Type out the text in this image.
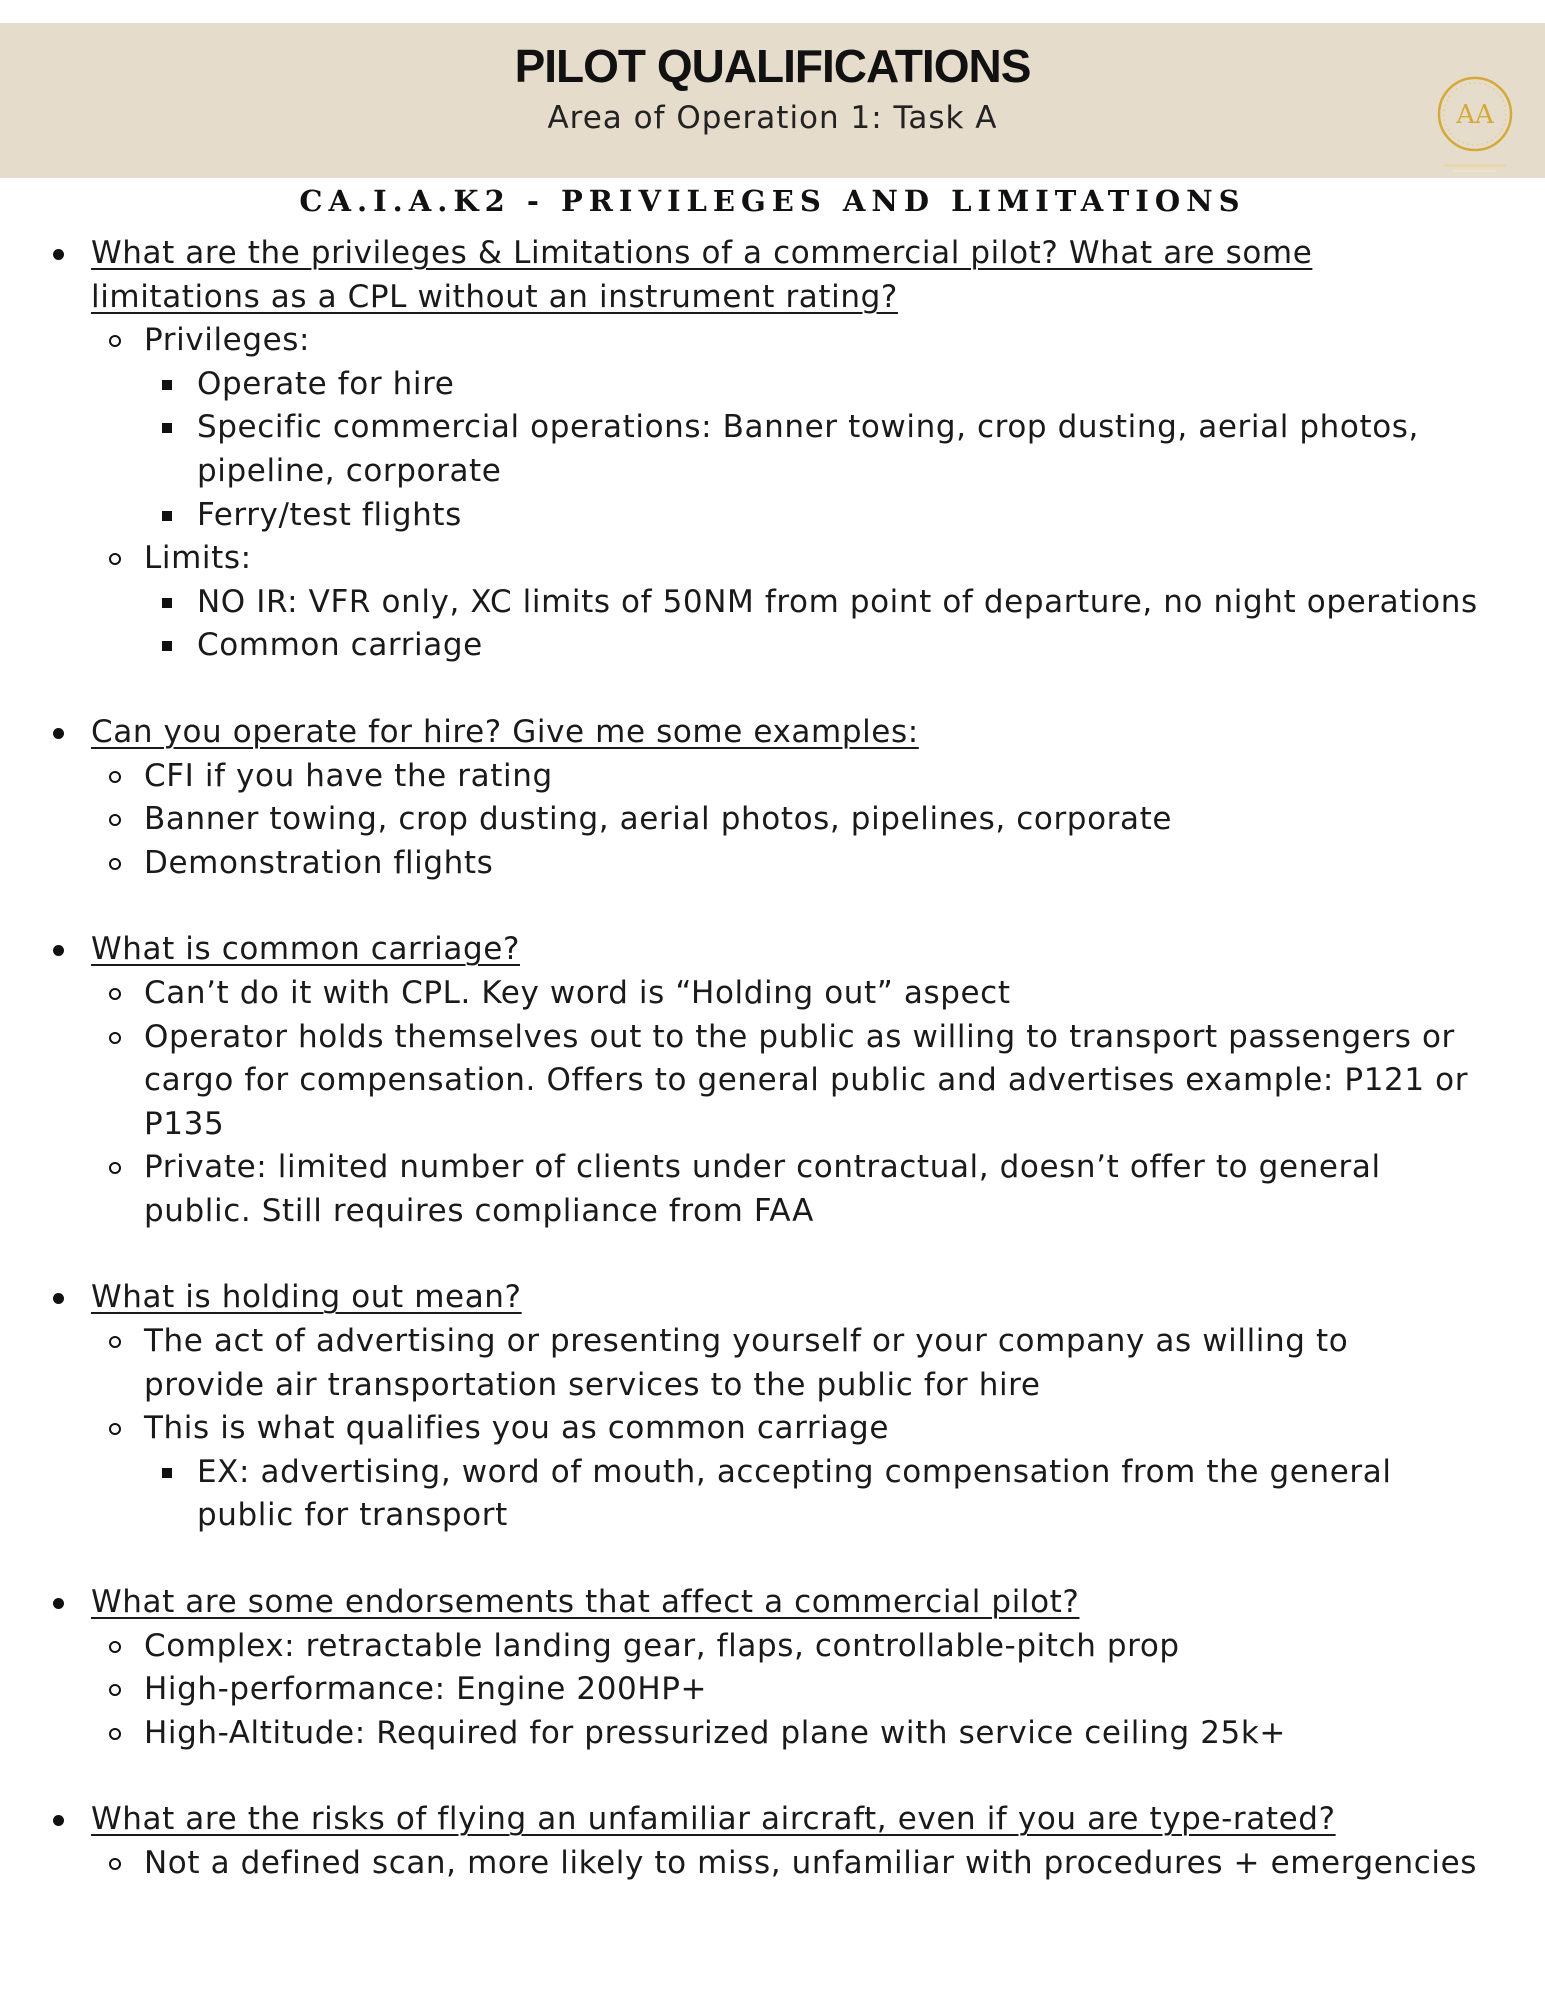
PILOT QUALIFICATIONS
Area of Operation 1: Task A	AA
CA.I.A.K2 - PRIVILEGES AND LIMITATIONS
What are the privileges & Limitations of a commercial pilot? What are some
limitations as a CPL without an instrument rating?
Privileges:
Operate for hire
Specific commercial operations: Banner towing, crop dusting, aerial photos,
pipeline, corporate
Ferry/test flights
Limits:
NO IR: VFR only, XC limits of 50NM from point of departure, no night operations
Common carriage
Can you operate for hire? Give me some examples:
CFI if you have the rating
Banner towing, crop dusting, aerial photos, pipelines, corporate
Demonstration flights
What is common carriage?
Can’t do it with CPL. Key word is “Holding out” aspect
Operator holds themselves out to the public as willing to transport passengers or
cargo for compensation. Offers to general public and advertises example: P121 or
P135
Private: limited number of clients under contractual, doesn’t offer to general
public. Still requires compliance from FAA
What is holding out mean?
The act of advertising or presenting yourself or your company as willing to
provide air transportation services to the public for hire
This is what qualifies you as common carriage
EX: advertising, word of mouth, accepting compensation from the general
public for transport
What are some endorsements that affect a commercial pilot?
Complex: retractable landing gear, flaps, controllable-pitch prop
High-performance: Engine 200HP+
High-Altitude: Required for pressurized plane with service ceiling 25k+
What are the risks of flying an unfamiliar aircraft, even if you are type-rated?
Not a defined scan, more likely to miss, unfamiliar with procedures + emergencies
